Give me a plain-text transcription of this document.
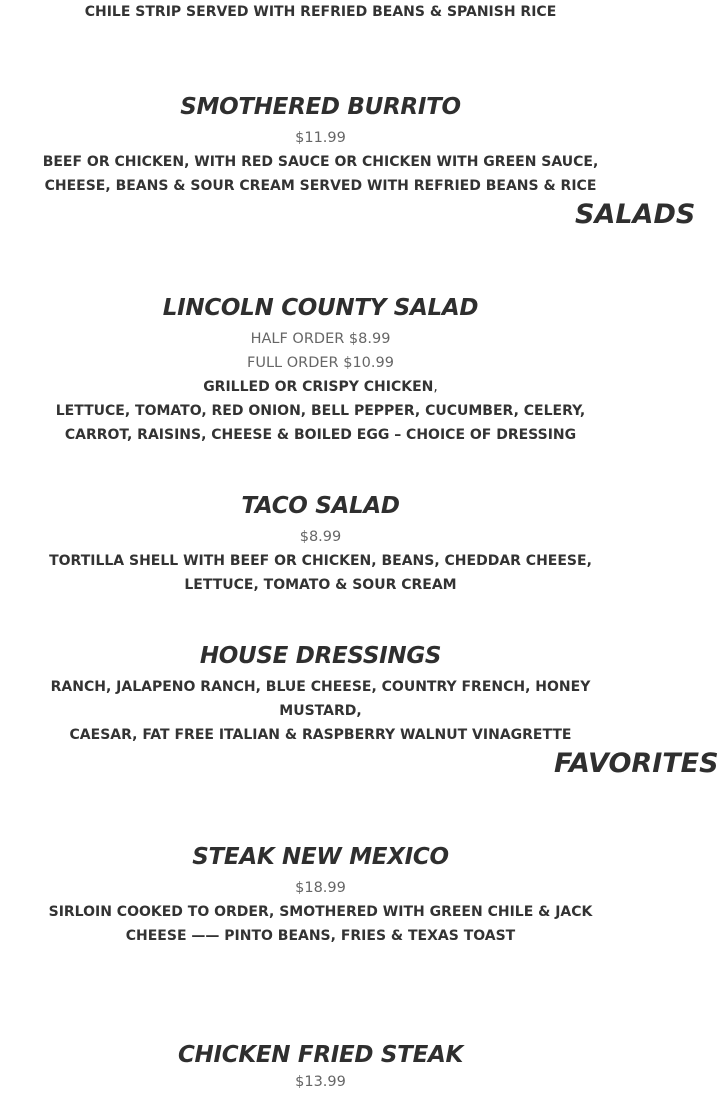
CHILE STRIP SERVED WITH REFRIED BEANS & SPANISH RICE
SMOTHERED BURRITO
$11.99
BEEF OR CHICKEN, WITH RED SAUCE OR CHICKEN WITH GREEN SAUCE,
CHEESE, BEANS & SOUR CREAM SERVED WITH REFRIED BEANS & RICE
SALADS
LINCOLN COUNTY SALAD
HALF ORDER $8.99
FULL ORDER $10.99
GRILLED OR CRISPY CHICKEN,
LETTUCE, TOMATO, RED ONION, BELL PEPPER, CUCUMBER, CELERY,
CARROT, RAISINS, CHEESE & BOILED EGG – CHOICE OF DRESSING
TACO SALAD
$8.99
TORTILLA SHELL WITH BEEF OR CHICKEN, BEANS, CHEDDAR CHEESE,
LETTUCE, TOMATO & SOUR CREAM
HOUSE DRESSINGS
RANCH, JALAPENO RANCH, BLUE CHEESE, COUNTRY FRENCH, HONEY
MUSTARD,
CAESAR, FAT FREE ITALIAN & RASPBERRY WALNUT VINAGRETTE
FAVORITES
STEAK NEW MEXICO
$18.99
SIRLOIN COOKED TO ORDER, SMOTHERED WITH GREEN CHILE & JACK
CHEESE —— PINTO BEANS, FRIES & TEXAS TOAST
CHICKEN FRIED STEAK
$13.99
